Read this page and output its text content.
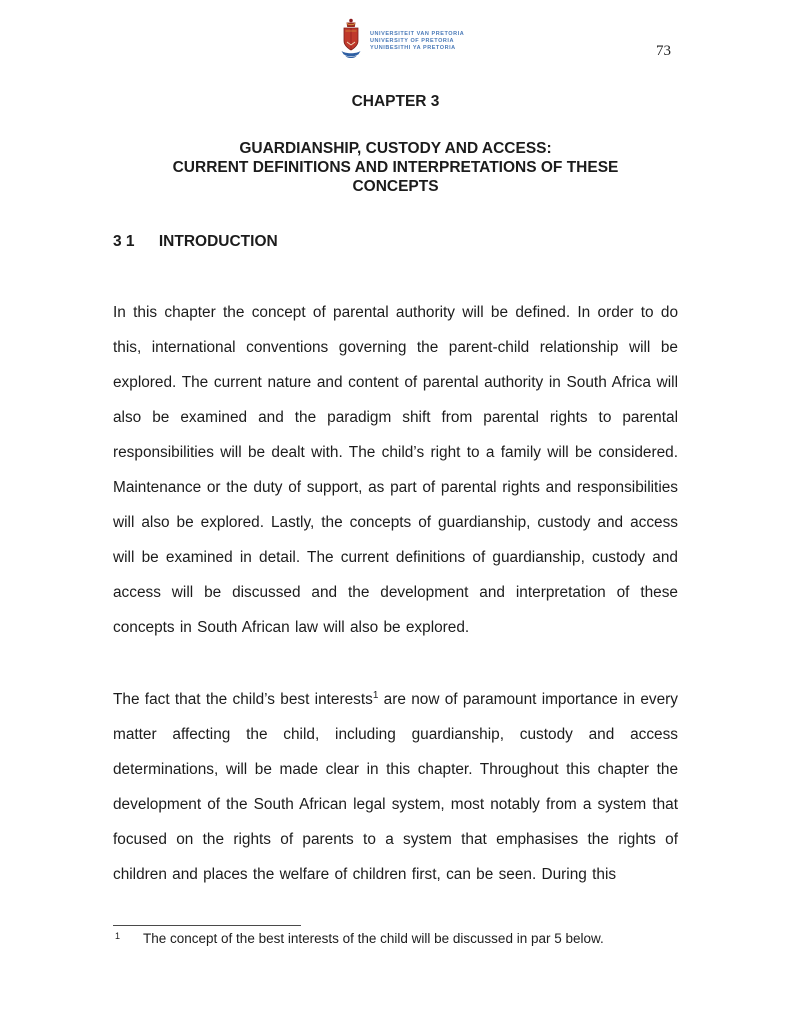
UNIVERSITEIT VAN PRETORIA
UNIVERSITY OF PRETORIA
YUNIBESITHI YA PRETORIA	73
CHAPTER 3
GUARDIANSHIP, CUSTODY AND ACCESS:
CURRENT DEFINITIONS AND INTERPRETATIONS OF THESE
CONCEPTS
3 1 INTRODUCTION

In this chapter the concept of parental authority will be defined. In order to do this, international conventions governing the parent-child relationship will be explored. The current nature and content of parental authority in South Africa will also be examined and the paradigm shift from parental rights to parental responsibilities will be dealt with. The child’s right to a family will be considered. Maintenance or the duty of support, as part of parental rights and responsibilities will also be explored. Lastly, the concepts of guardianship, custody and access will be examined in detail. The current definitions of guardianship, custody and access will be discussed and the development and interpretation of these concepts in South African law will also be explored.

The fact that the child’s best interests$^1$ are now of paramount importance in every matter affecting the child, including guardianship, custody and access determinations, will be made clear in this chapter. Throughout this chapter the development of the South African legal system, most notably from a system that focused on the rights of parents to a system that emphasises the rights of children and places the welfare of children first, can be seen. During this

1	The concept of the best interests of the child will be discussed in par 5 below.
